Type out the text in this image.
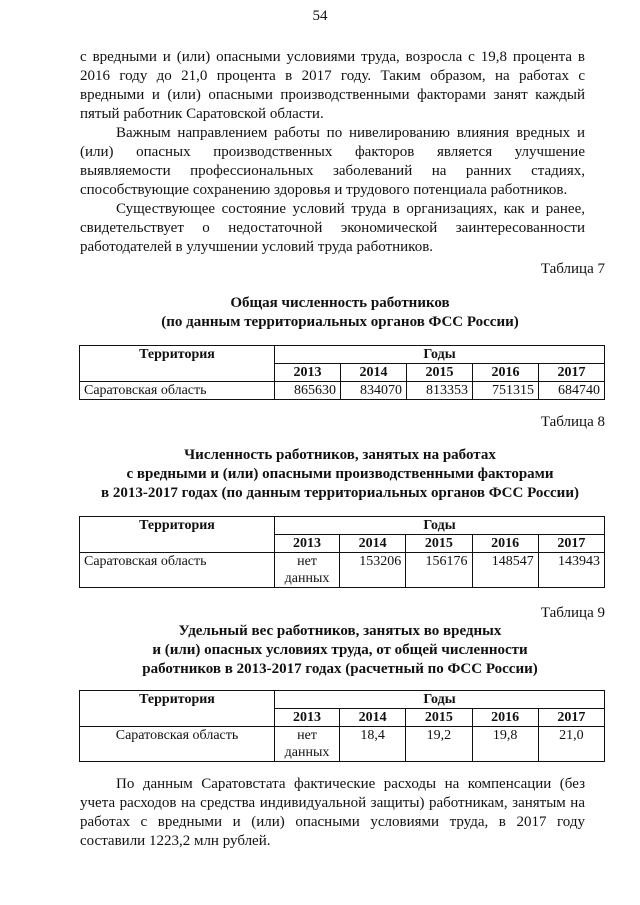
54

с вредными и (или) опасными условиями труда, возросла с 19,8 процента в 2016 году до 21,0 процента в 2017 году. Таким образом, на работах с вредными и (или) опасными производственными факторами занят каждый пятый работник Саратовской области.

Важным направлением работы по нивелированию влияния вредных и (или) опасных производственных факторов является улучшение выявляемости профессиональных заболеваний на ранних стадиях, способствующие сохранению здоровья и трудового потенциала работников.

Существующее состояние условий труда в организациях, как и ранее, свидетельствует о недостаточной экономической заинтересованности работодателей в улучшении условий труда работников.

Таблица 7
Общая численность работников
(по данным территориальных органов ФСС России)
Территория	Годы				
	2013	2014	2015	2016	2017
Саратовская область	865630	834070	813353	751315	684740
Таблица 8
Численность работников, занятых на работах
с вредными и (или) опасными производственными факторами
в 2013-2017 годах (по данным территориальных органов ФСС России)
Территория	Годы				
	2013	2014	2015	2016	2017
Саратовская область	нет данных	153206	156176	148547	143943
Таблица 9
Удельный вес работников, занятых во вредных
и (или) опасных условиях труда, от общей численности
работников в 2013-2017 годах (расчетный по ФСС России)
Территория	Годы				
	2013	2014	2015	2016	2017
Саратовская область	нет данных	18,4	19,2	19,8	21,0

По данным Саратовстата фактические расходы на компенсации (без учета расходов на средства индивидуальной защиты) работникам, занятым на работах с вредными и (или) опасными условиями труда, в 2017 году составили 1223,2 млн рублей.
